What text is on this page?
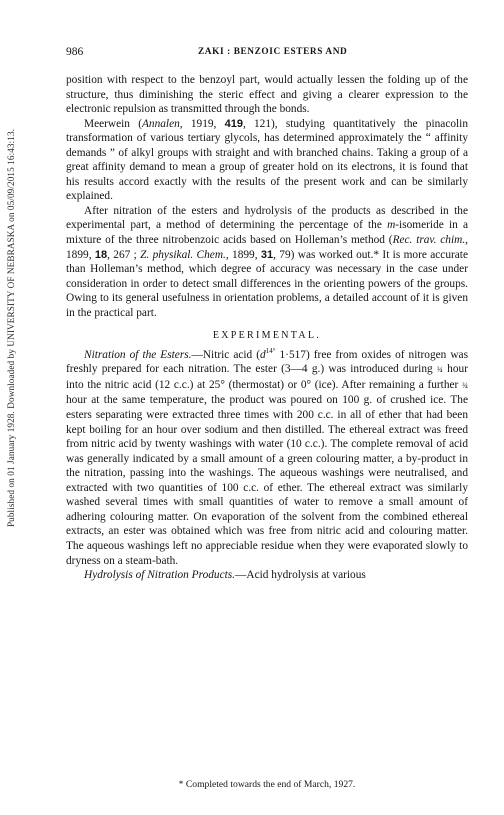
Published on 01 January 1928. Downloaded by UNIVERSITY OF NEBRASKA on 05/09/2015 16:43:13.
986	ZAKI : BENZOIC ESTERS AND

position with respect to the benzoyl part, would actually lessen the folding up of the structure, thus diminishing the steric effect and giving a clearer expression to the electronic repulsion as transmitted through the bonds.

Meerwein (Annalen, 1919, 419, 121), studying quantitatively the pinacolin transformation of various tertiary glycols, has determined approximately the “ affinity demands ” of alkyl groups with straight and with branched chains. Taking a group of a great affinity demand to mean a group of greater hold on its electrons, it is found that his results accord exactly with the results of the present work and can be similarly explained.

After nitration of the esters and hydrolysis of the products as described in the experimental part, a method of determining the percentage of the m-isomeride in a mixture of the three nitrobenzoic acids based on Holleman’s method (Rec. trav. chim., 1899, 18, 267 ; Z. physikal. Chem., 1899, 31, 79) was worked out.* It is more accurate than Holleman’s method, which degree of accuracy was necessary in the case under consideration in order to detect small differences in the orienting powers of the groups. Owing to its general usefulness in orientation problems, a detailed account of it is given in the practical part.

EXPERIMENTAL.

Nitration of the Esters.—Nitric acid ($d^{14^\circ}$ 1·517) free from oxides of nitrogen was freshly prepared for each nitration. The ester (3—4 g.) was introduced during ¾ hour into the nitric acid (12 c.c.) at 25° (thermostat) or 0° (ice). After remaining a further ¾ hour at the same temperature, the product was poured on 100 g. of crushed ice. The esters separating were extracted three times with 200 c.c. in all of ether that had been kept boiling for an hour over sodium and then distilled. The ethereal extract was freed from nitric acid by twenty washings with water (10 c.c.). The complete removal of acid was generally indicated by a small amount of a green colouring matter, a by-product in the nitration, passing into the washings. The aqueous washings were neutralised, and extracted with two quantities of 100 c.c. of ether. The ethereal extract was similarly washed several times with small quantities of water to remove a small amount of adhering colouring matter. On evaporation of the solvent from the combined ethereal extracts, an ester was obtained which was free from nitric acid and colouring matter. The aqueous washings left no appreciable residue when they were evaporated slowly to dryness on a steam-bath.

Hydrolysis of Nitration Products.—Acid hydrolysis at various

* Completed towards the end of March, 1927.
